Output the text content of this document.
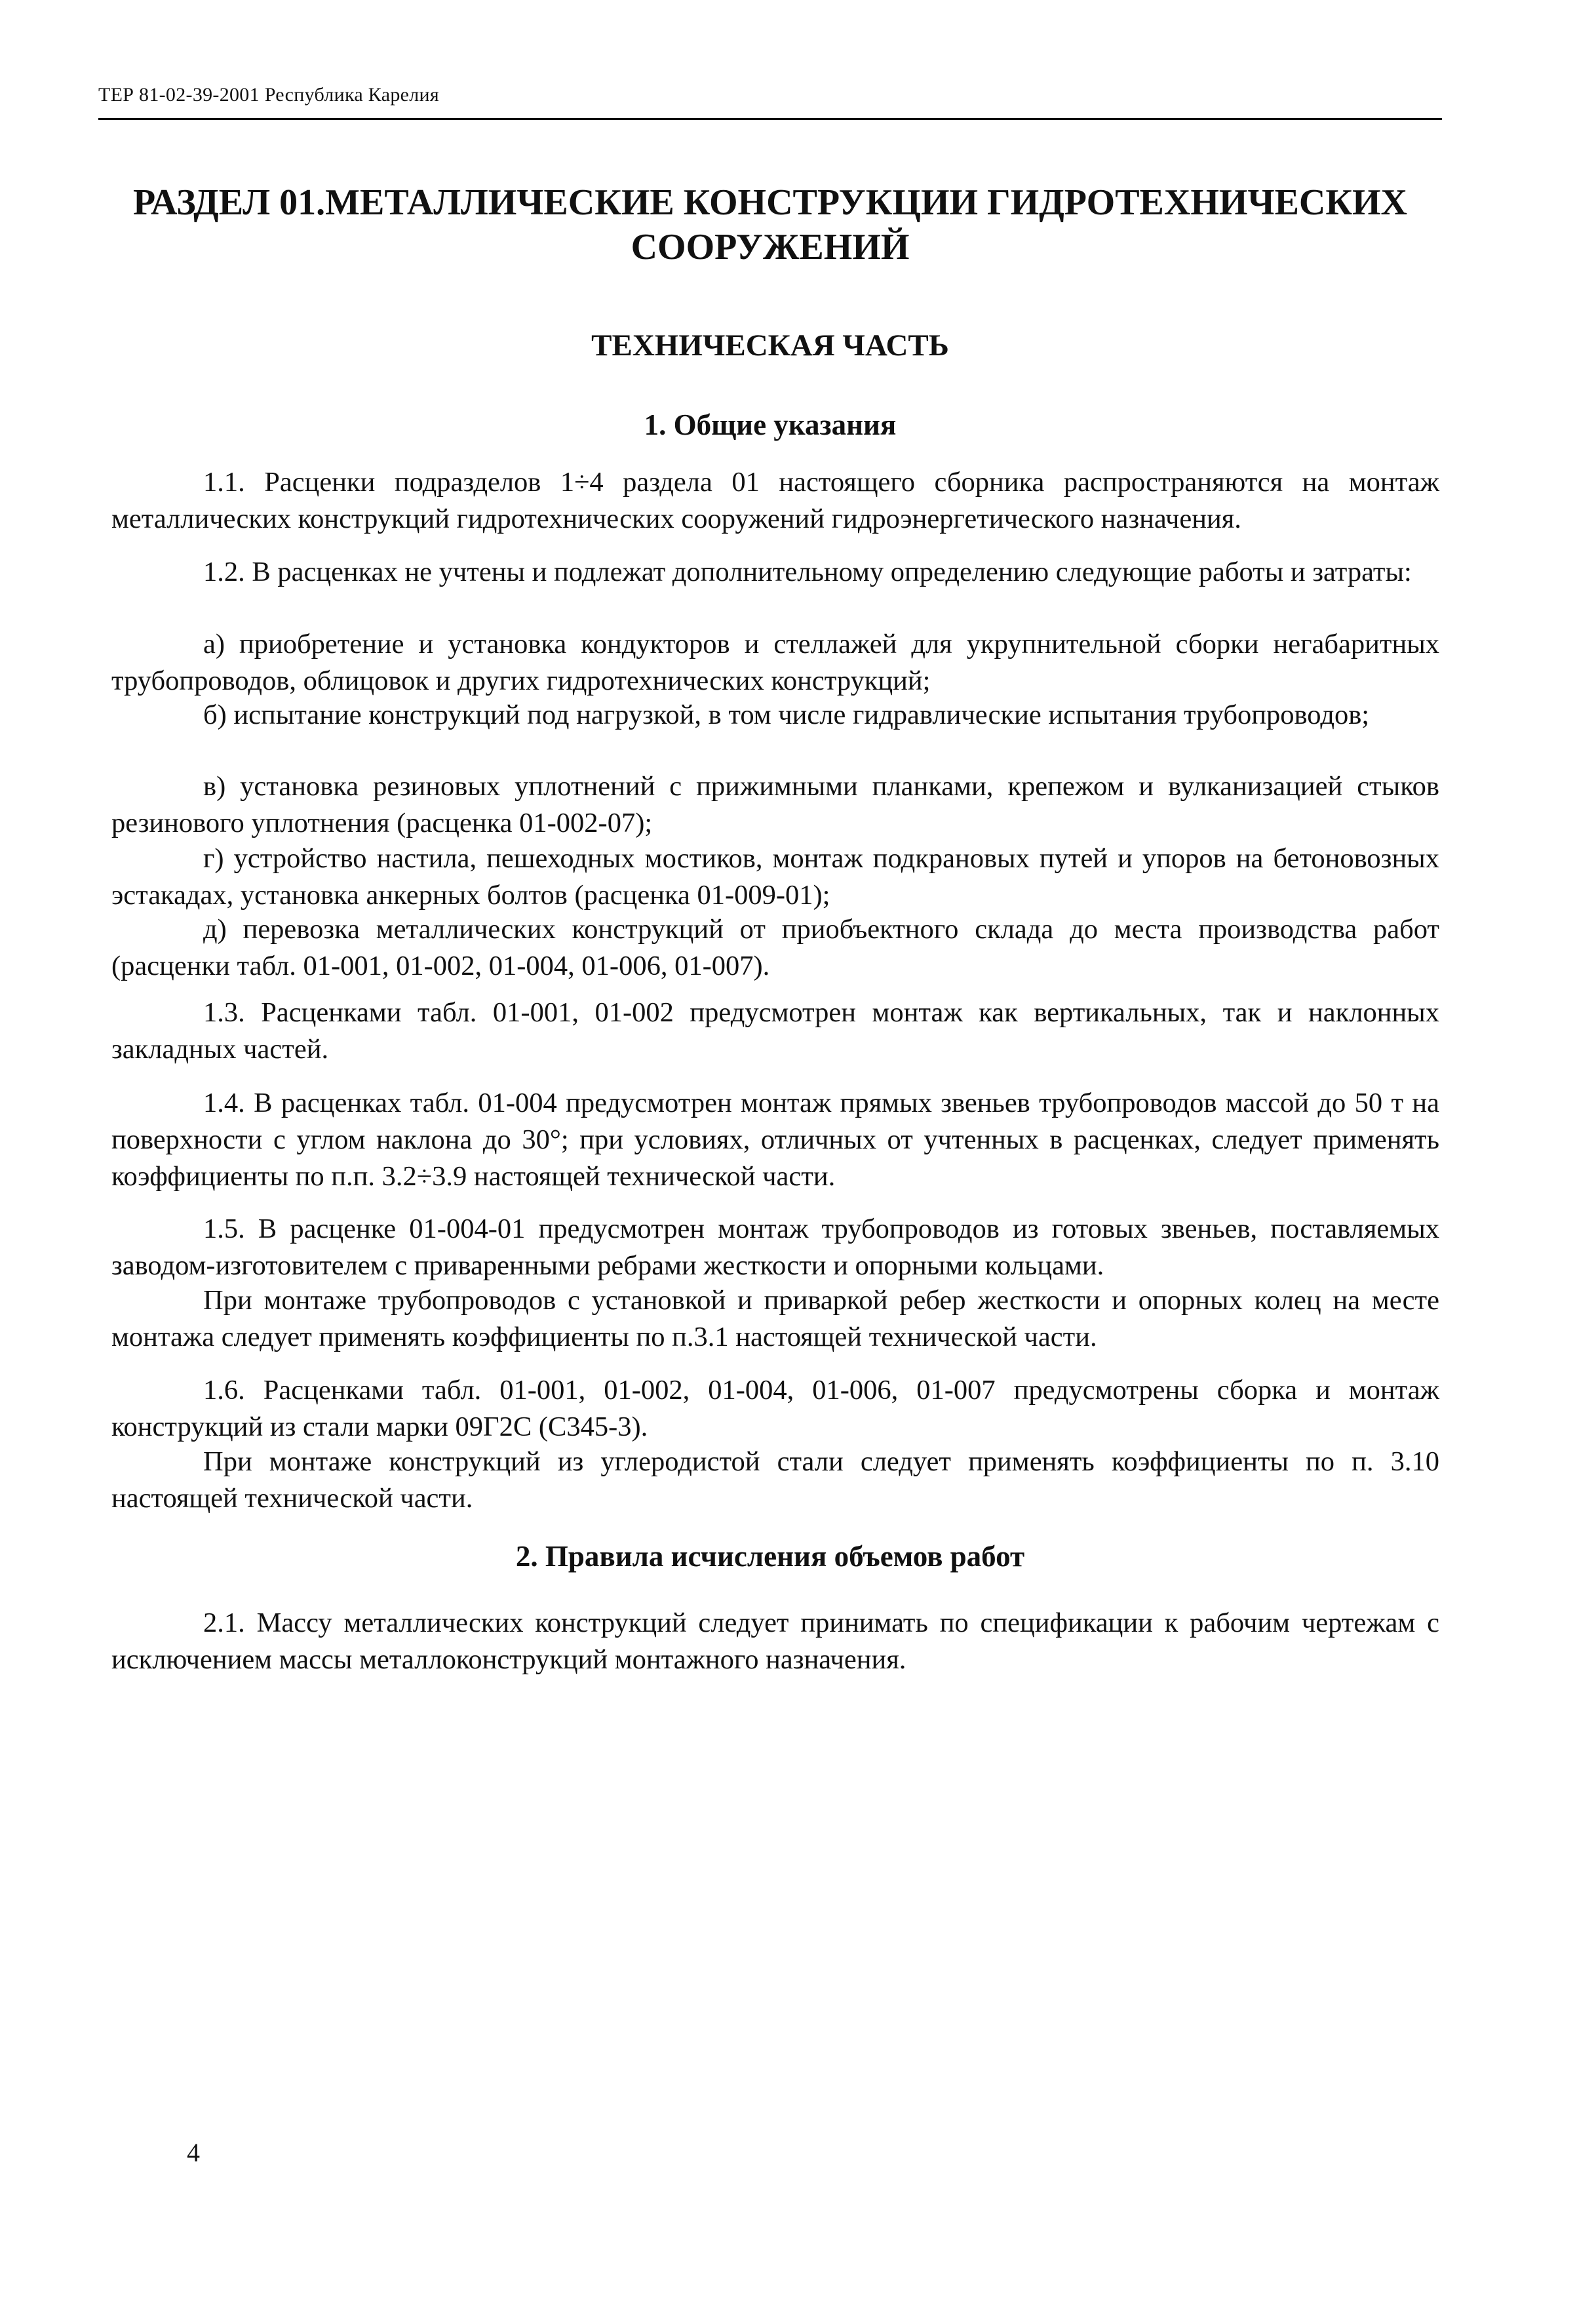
ТЕР 81-02-39-2001 Республика Карелия
РАЗДЕЛ 01.МЕТАЛЛИЧЕСКИЕ КОНСТРУКЦИИ ГИДРОТЕХНИЧЕСКИХ
СООРУЖЕНИЙ
ТЕХНИЧЕСКАЯ ЧАСТЬ
1. Общие указания
1.1. Расценки подразделов 1÷4 раздела 01 настоящего сборника распространяются на монтаж металлических конструкций гидротехнических сооружений гидроэнергетического назначения.
1.2. В расценках не учтены и подлежат дополнительному определению следующие работы и затраты:
а) приобретение и установка кондукторов и стеллажей для укрупнительной сборки негабаритных трубопроводов, облицовок и других гидротехнических конструкций;
б) испытание конструкций под нагрузкой, в том числе гидравлические испытания трубопроводов;
в) установка резиновых уплотнений с прижимными планками, крепежом и вулканизацией стыков резинового уплотнения (расценка 01-002-07);
г) устройство настила, пешеходных мостиков, монтаж подкрановых путей и упоров на бетоновозных эстакадах, установка анкерных болтов (расценка 01-009-01);
д) перевозка металлических конструкций от приобъектного склада до места производства работ (расценки табл. 01-001, 01-002, 01-004, 01-006, 01-007).
1.3. Расценками табл. 01-001, 01-002 предусмотрен монтаж как вертикальных, так и наклонных закладных частей.
1.4. В расценках табл. 01-004 предусмотрен монтаж прямых звеньев трубопроводов массой до 50 т на поверхности с углом наклона до 30°; при условиях, отличных от учтенных в расценках, следует применять коэффициенты по п.п. 3.2÷3.9 настоящей технической части.
1.5. В расценке 01-004-01 предусмотрен монтаж трубопроводов из готовых звеньев, поставляемых заводом-изготовителем с приваренными ребрами жесткости и опорными кольцами.
При монтаже трубопроводов с установкой и приваркой ребер жесткости и опорных колец на месте монтажа следует применять коэффициенты по п.3.1 настоящей технической части.
1.6. Расценками табл. 01-001, 01-002, 01-004, 01-006, 01-007 предусмотрены сборка и монтаж конструкций из стали марки 09Г2С (С345-3).
При монтаже конструкций из углеродистой стали следует применять коэффициенты по п. 3.10 настоящей технической части.
2. Правила исчисления объемов работ
2.1. Массу металлических конструкций следует принимать по спецификации к рабочим чертежам с исключением массы металлоконструкций монтажного назначения.
4
